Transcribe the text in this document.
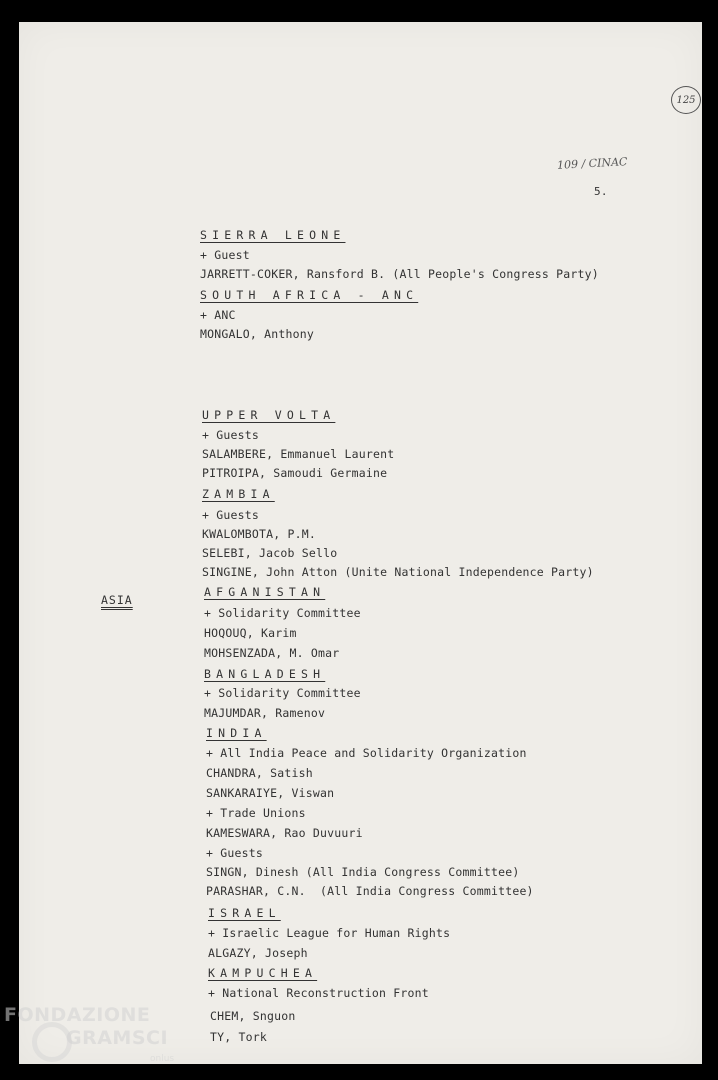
125
109 / CINAC
5.
ASIA
SIERRA LEONE
+ Guest
JARRETT-COKER, Ransford B. (All People's Congress Party)
SOUTH AFRICA - ANC
+ ANC
MONGALO, Anthony
UPPER VOLTA
+ Guests
SALAMBERE, Emmanuel Laurent
PITROIPA, Samoudi Germaine
ZAMBIA
+ Guests
KWALOMBOTA, P.M.
SELEBI, Jacob Sello
SINGINE, John Atton (Unite National Independence Party)
AFGANISTAN
+ Solidarity Committee
HOQOUQ, Karim
MOHSENZADA, M. Omar
BANGLADESH
+ Solidarity Committee
MAJUMDAR, Ramenov
INDIA
+ All India Peace and Solidarity Organization
CHANDRA, Satish
SANKARAIYE, Viswan
+ Trade Unions
KAMESWARA, Rao Duvuuri
+ Guests
SINGN, Dinesh (All India Congress Committee)
PARASHAR, C.N.  (All India Congress Committee)
ISRAEL
+ Israelic League for Human Rights
ALGAZY, Joseph
KAMPUCHEA
+ National Reconstruction Front
CHEM, Snguon
TY, Tork
FONDAZIONE
GRAMSCI
onlus
